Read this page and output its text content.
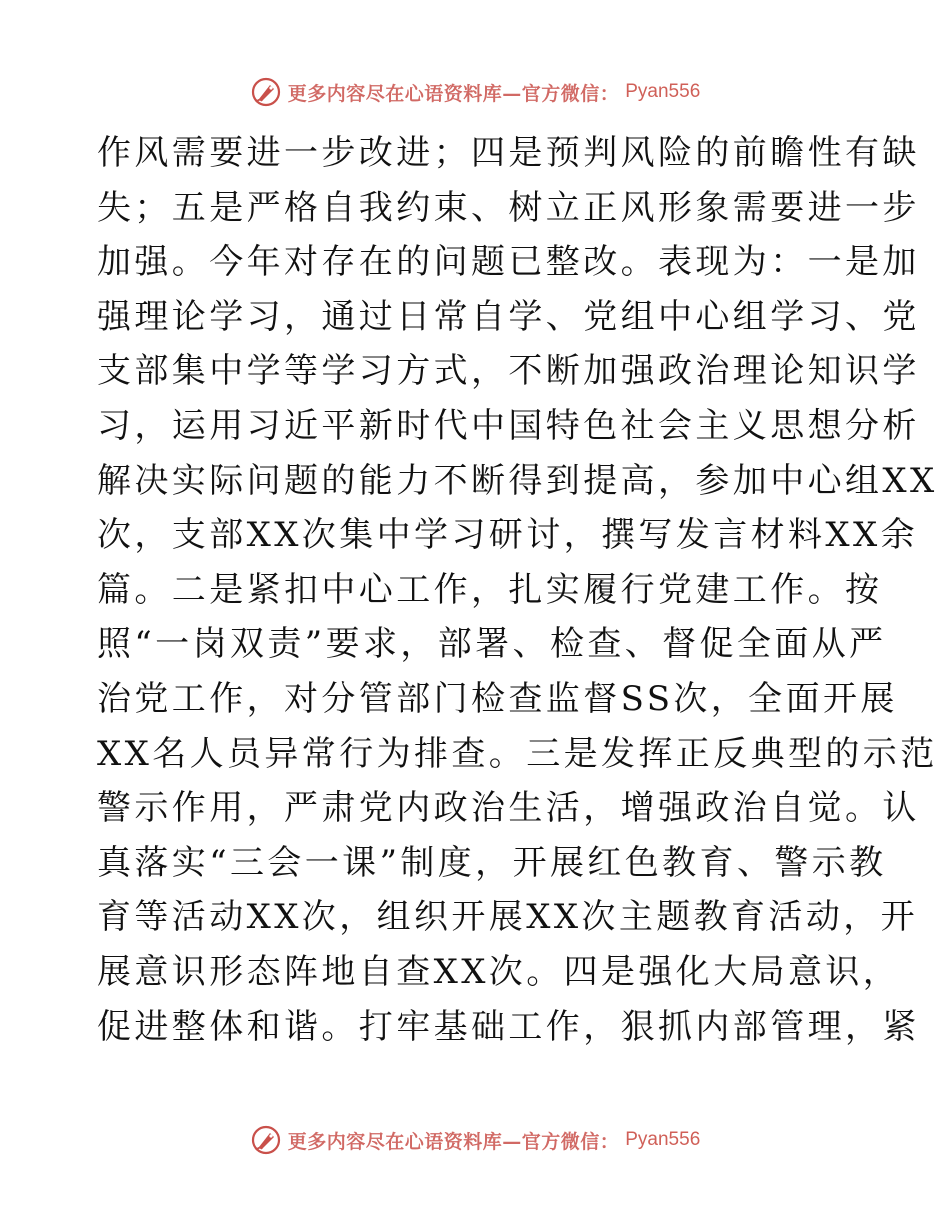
更多内容尽在心语资料库—官方微信： Pyan556
作风需要进一步改进；四是预判风险的前瞻性有缺
失；五是严格自我约束、树立正风形象需要进一步
加强。今年对存在的问题已整改。表现为：一是加
强理论学习，通过日常自学、党组中心组学习、党
支部集中学等学习方式，不断加强政治理论知识学
习，运用习近平新时代中国特色社会主义思想分析
解决实际问题的能力不断得到提高，参加中心组XX
次，支部XX次集中学习研讨，撰写发言材料XX余
篇。二是紧扣中心工作，扎实履行党建工作。按
照“一岗双责”要求，部署、检查、督促全面从严
治党工作，对分管部门检查监督SS次，全面开展
XX名人员异常行为排查。三是发挥正反典型的示范
警示作用，严肃党内政治生活，增强政治自觉。认
真落实“三会一课”制度，开展红色教育、警示教
育等活动XX次，组织开展XX次主题教育活动，开
展意识形态阵地自查XX次。四是强化大局意识，
促进整体和谐。打牢基础工作，狠抓内部管理，紧
更多内容尽在心语资料库—官方微信： Pyan556
